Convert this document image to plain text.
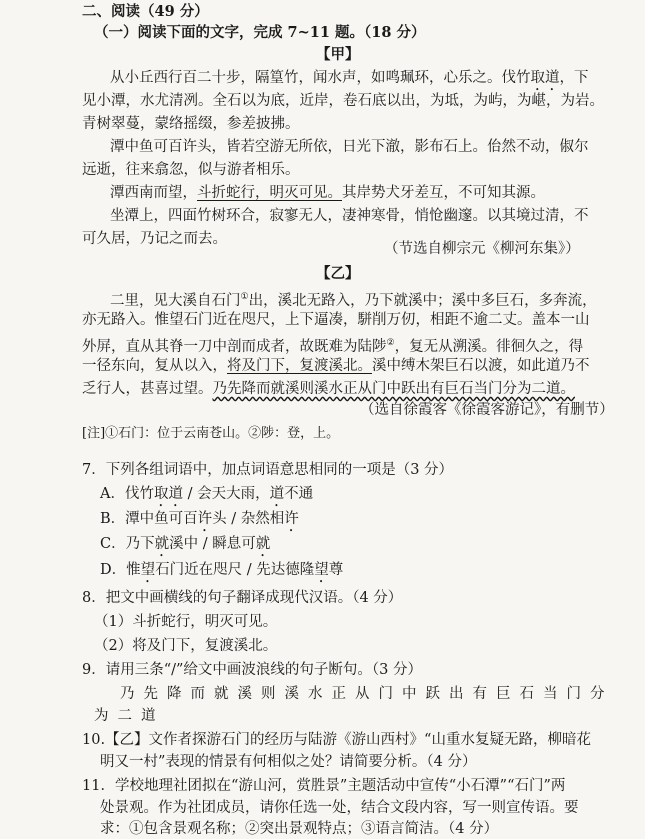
二、阅读（49 分）
（一）阅读下面的文字，完成 7~11 题。（18 分）
【甲】
从小丘西行百二十步，隔篁竹，闻水声，如鸣珮环，心乐之。伐竹取道，下
见小潭，水尤清冽。全石以为底，近岸，卷石底以出，为坻，为屿，为嵁，为岩。
青树翠蔓，蒙络摇缀，参差披拂。
潭中鱼可百许头，皆若空游无所依，日光下澈，影布石上。佁然不动，俶尔
远逝，往来翕忽，似与游者相乐。
潭西南而望，斗折蛇行，明灭可见。其岸势犬牙差互，不可知其源。
坐潭上，四面竹树环合，寂寥无人，凄神寒骨，悄怆幽邃。以其境过清，不
可久居，乃记之而去。
（节选自柳宗元《柳河东集》）
【乙】
二里，见大溪自石门①出，溪北无路入，乃下就溪中；溪中多巨石，多奔流，
亦无路入。惟望石门近在咫尺，上下逼凑，駢削万仞，相距不逾二丈。盖本一山
外屏，直从其脊一刀中剖而成者，故既难为陆陟②，复无从溯溪。徘徊久之，得
一径东向，复从以入，将及门下，复渡溪北。溪中缚木架巨石以渡，如此道乃不
乏行人，甚喜过望。乃先降而就溪则溪水正从门中跃出有巨石当门分为二道。
（选自徐霞客《徐霞客游记》，有删节）
[注]①石门：位于云南苍山。②陟：登，上。
7．下列各组词语中，加点词语意思相同的一项是（3 分）
A．伐竹取道 / 会天大雨，道不通
B．潭中鱼可百许头 / 杂然相许
C．乃下就溪中 / 瞬息可就
D．惟望石门近在咫尺 / 先达德隆望尊
8．把文中画横线的句子翻译成现代汉语。（4 分）
（1）斗折蛇行，明灭可见。
（2）将及门下，复渡溪北。
9．请用三条“/”给文中画波浪线的句子断句。（3 分）
乃先降而就溪则溪水正从门中跃出有巨石当门分
为二道
10.【乙】文作者探游石门的经历与陆游《游山西村》“山重水复疑无路，柳暗花
明又一村”表现的情景有何相似之处？请简要分析。（4 分）
11．学校地理社团拟在“游山河，赏胜景”主题活动中宣传“小石潭”“石门”两
处景观。作为社团成员，请你任选一处，结合文段内容，写一则宣传语。要
求：①包含景观名称；②突出景观特点；③语言简洁。（4 分）
